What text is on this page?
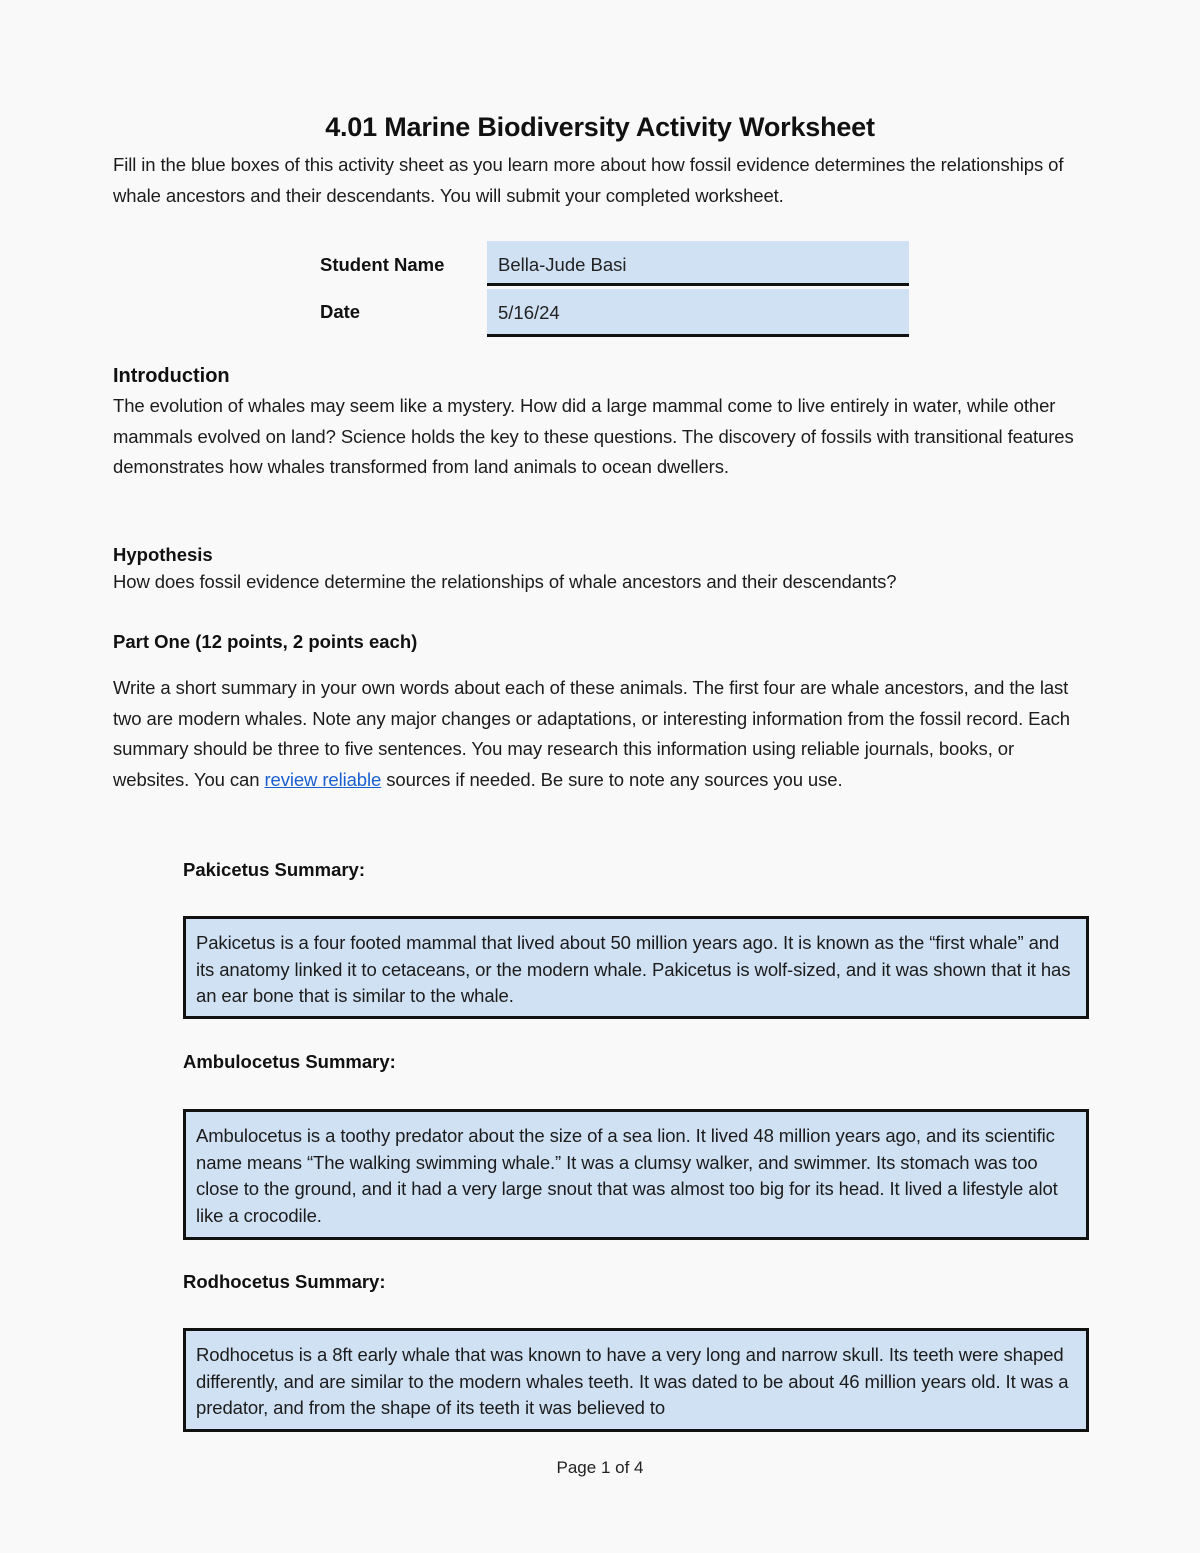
4.01 Marine Biodiversity Activity Worksheet
Fill in the blue boxes of this activity sheet as you learn more about how fossil evidence determines the relationships of whale ancestors and their descendants. You will submit your completed worksheet.
Student Name	Bella-Jude Basi
Date	5/16/24
Introduction
The evolution of whales may seem like a mystery. How did a large mammal come to live entirely in water, while other mammals evolved on land? Science holds the key to these questions. The discovery of fossils with transitional features demonstrates how whales transformed from land animals to ocean dwellers.
Hypothesis
How does fossil evidence determine the relationships of whale ancestors and their descendants?
Part One (12 points, 2 points each)
Write a short summary in your own words about each of these animals. The first four are whale ancestors, and the last two are modern whales. Note any major changes or adaptations, or interesting information from the fossil record. Each summary should be three to five sentences. You may research this information using reliable journals, books, or websites. You can review reliable sources if needed. Be sure to note any sources you use.
Pakicetus Summary:
Pakicetus is a four footed mammal that lived about 50 million years ago. It is known as the “first whale” and its anatomy linked it to cetaceans, or the modern whale. Pakicetus is wolf-sized, and it was shown that it has an ear bone that is similar to the whale.
Ambulocetus Summary:
Ambulocetus is a toothy predator about the size of a sea lion. It lived 48 million years ago, and its scientific name means “The walking swimming whale.” It was a clumsy walker, and swimmer. Its stomach was too close to the ground, and it had a very large snout that was almost too big for its head. It lived a lifestyle alot like a crocodile.
Rodhocetus Summary:
Rodhocetus is a 8ft early whale that was known to have a very long and narrow skull. Its teeth were shaped differently, and are similar to the modern whales teeth. It was dated to be about 46 million years old. It was a predator, and from the shape of its teeth it was believed to
Page 1 of 4
